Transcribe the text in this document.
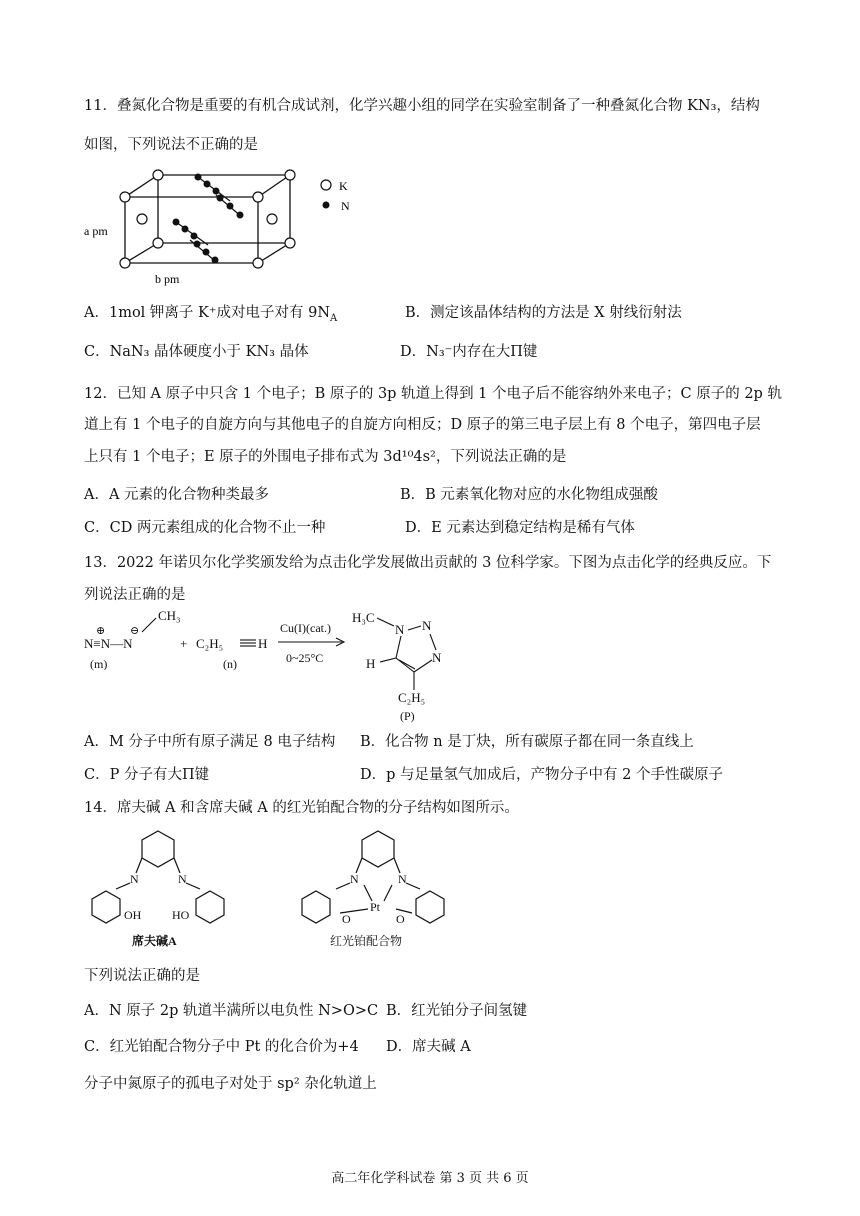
11．叠氮化合物是重要的有机合成试剂，化学兴趣小组的同学在实验室制备了一种叠氮化合物 KN₃，结构
如图，下列说法不正确的是
K
N
a pm
b pm
A．1mol 钾离子 K⁺成对电子对有 $9N_A$	B．测定该晶体结构的方法是 X 射线衍射法
C．NaN₃ 晶体硬度小于 KN₃ 晶体	D．N₃⁻内存在大Π键
12．已知 A 原子中只含 1 个电子；B 原子的 3p 轨道上得到 1 个电子后不能容纳外来电子；C 原子的 2p 轨
道上有 1 个电子的自旋方向与其他电子的自旋方向相反；D 原子的第三电子层上有 8 个电子，第四电子层
上只有 1 个电子；E 原子的外围电子排布式为 3d¹⁰4s²，下列说法正确的是
A．A 元素的化合物种类最多	B．B 元素氧化物对应的水化物组成强酸
C．CD 两元素组成的化合物不止一种	D．E 元素达到稳定结构是稀有气体
13．2022 年诺贝尔化学奖颁发给为点击化学发展做出贡献的 3 位科学家。下图为点击化学的经典反应。下
列说法正确的是
N≡N—N
⊕ ⊖
CH₃
(m)
+ C₂H₅	H
(n)
Cu(I)(cat.)
0~25°C
H₃C
N N
N
H
C₂H₅
(P)
A．M 分子中所有原子满足 8 电子结构 B．化合物 n 是丁炔，所有碳原子都在同一条直线上
C．P 分子有大Π键	D．p 与足量氢气加成后，产物分子中有 2 个手性碳原子
14．席夫碱 A 和含席夫碱 A 的红光铂配合物的分子结构如图所示。
N	N
OH	HO
N	N
Pt
O	O
席夫碱A	红光铂配合物
下列说法正确的是
A．N 原子 2p 轨道半满所以电负性 N>O>C B．红光铂分子间氢键
C．红光铂配合物分子中 Pt 的化合价为+4 D．席夫碱 A
分子中氮原子的孤电子对处于 sp² 杂化轨道上
高二年化学科试卷 第 3 页 共 6 页
